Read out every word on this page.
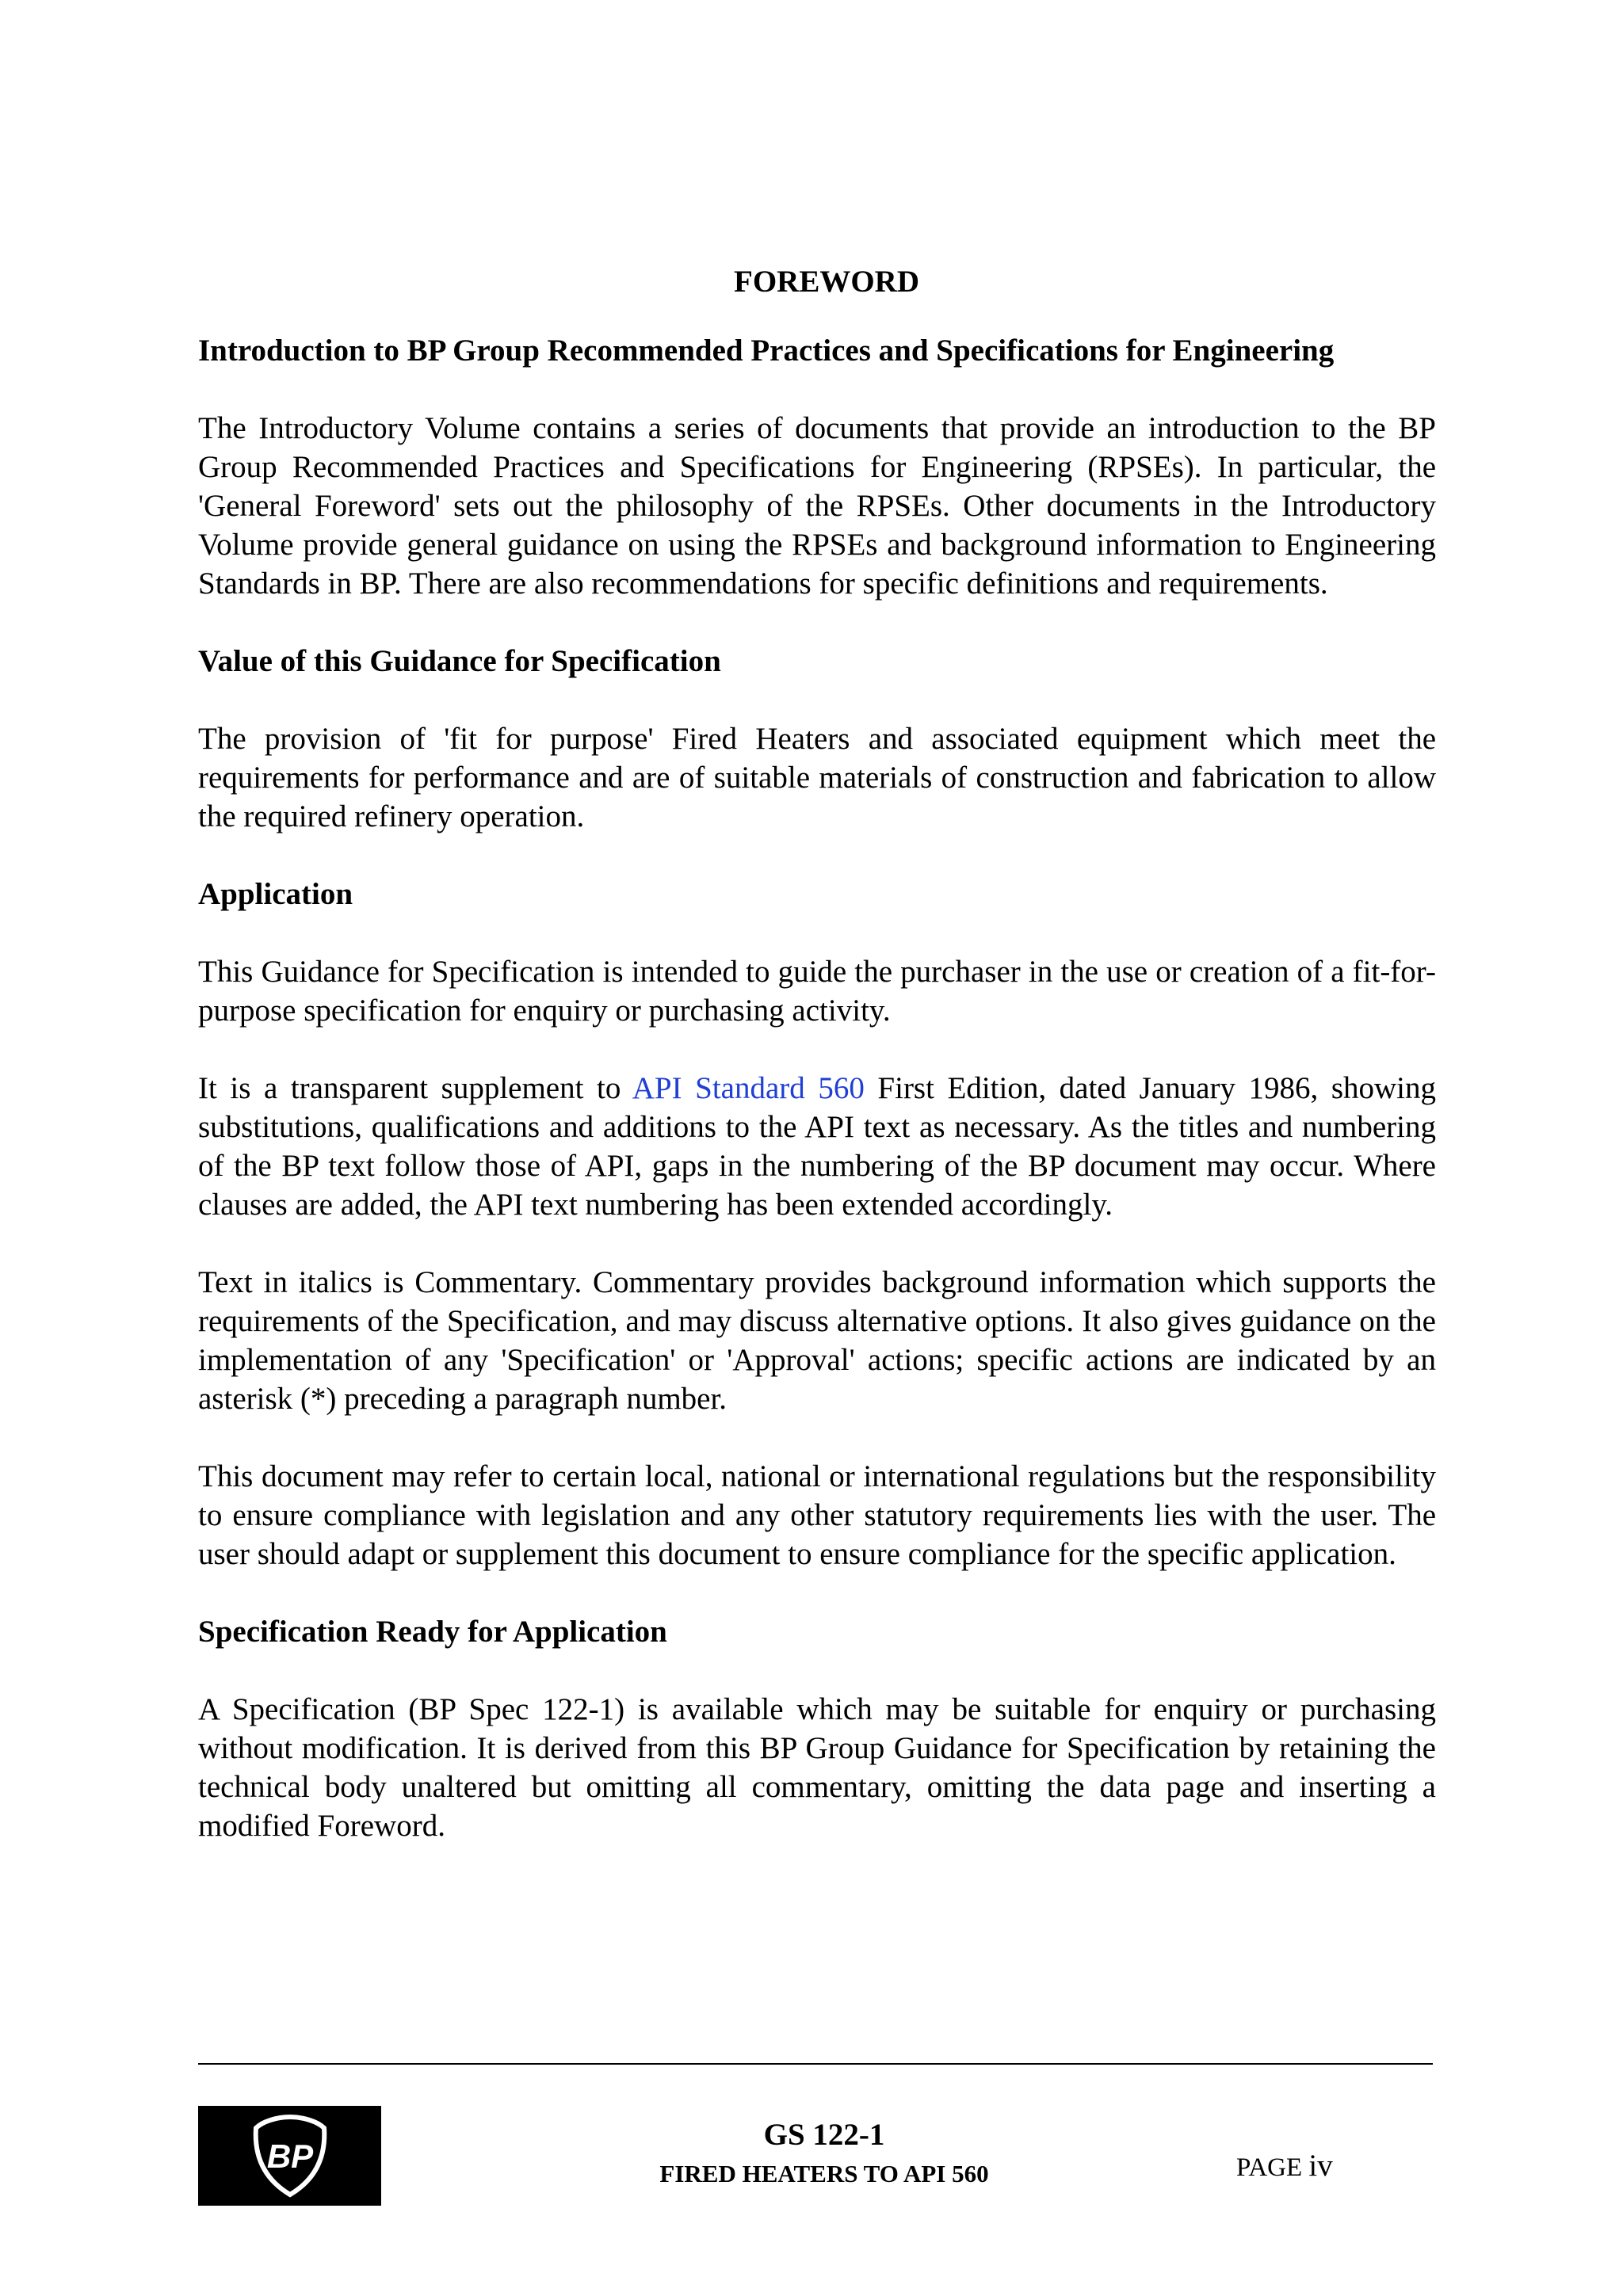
FOREWORD
Introduction to BP Group Recommended Practices and Specifications for Engineering

The Introductory Volume contains a series of documents that provide an introduction to the BP Group Recommended Practices and Specifications for Engineering (RPSEs). In particular, the 'General Foreword' sets out the philosophy of the RPSEs. Other documents in the Introductory Volume provide general guidance on using the RPSEs and background information to Engineering Standards in BP. There are also recommendations for specific definitions and requirements.

Value of this Guidance for Specification

The provision of 'fit for purpose' Fired Heaters and associated equipment which meet the requirements for performance and are of suitable materials of construction and fabrication to allow the required refinery operation.

Application

This Guidance for Specification is intended to guide the purchaser in the use or creation of a fit-for-purpose specification for enquiry or purchasing activity.

It is a transparent supplement to API Standard 560 First Edition, dated January 1986, showing substitutions, qualifications and additions to the API text as necessary. As the titles and numbering of the BP text follow those of API, gaps in the numbering of the BP document may occur. Where clauses are added, the API text numbering has been extended accordingly.

Text in italics is Commentary. Commentary provides background information which supports the requirements of the Specification, and may discuss alternative options. It also gives guidance on the implementation of any 'Specification' or 'Approval' actions; specific actions are indicated by an asterisk (*) preceding a paragraph number.

This document may refer to certain local, national or international regulations but the responsibility to ensure compliance with legislation and any other statutory requirements lies with the user. The user should adapt or supplement this document to ensure compliance for the specific application.

Specification Ready for Application

A Specification (BP Spec 122-1) is available which may be suitable for enquiry or purchasing without modification. It is derived from this BP Group Guidance for Specification by retaining the technical body unaltered but omitting all commentary, omitting the data page and inserting a modified Foreword.

BP
GS 122-1
FIRED HEATERS TO API 560	PAGE iv
